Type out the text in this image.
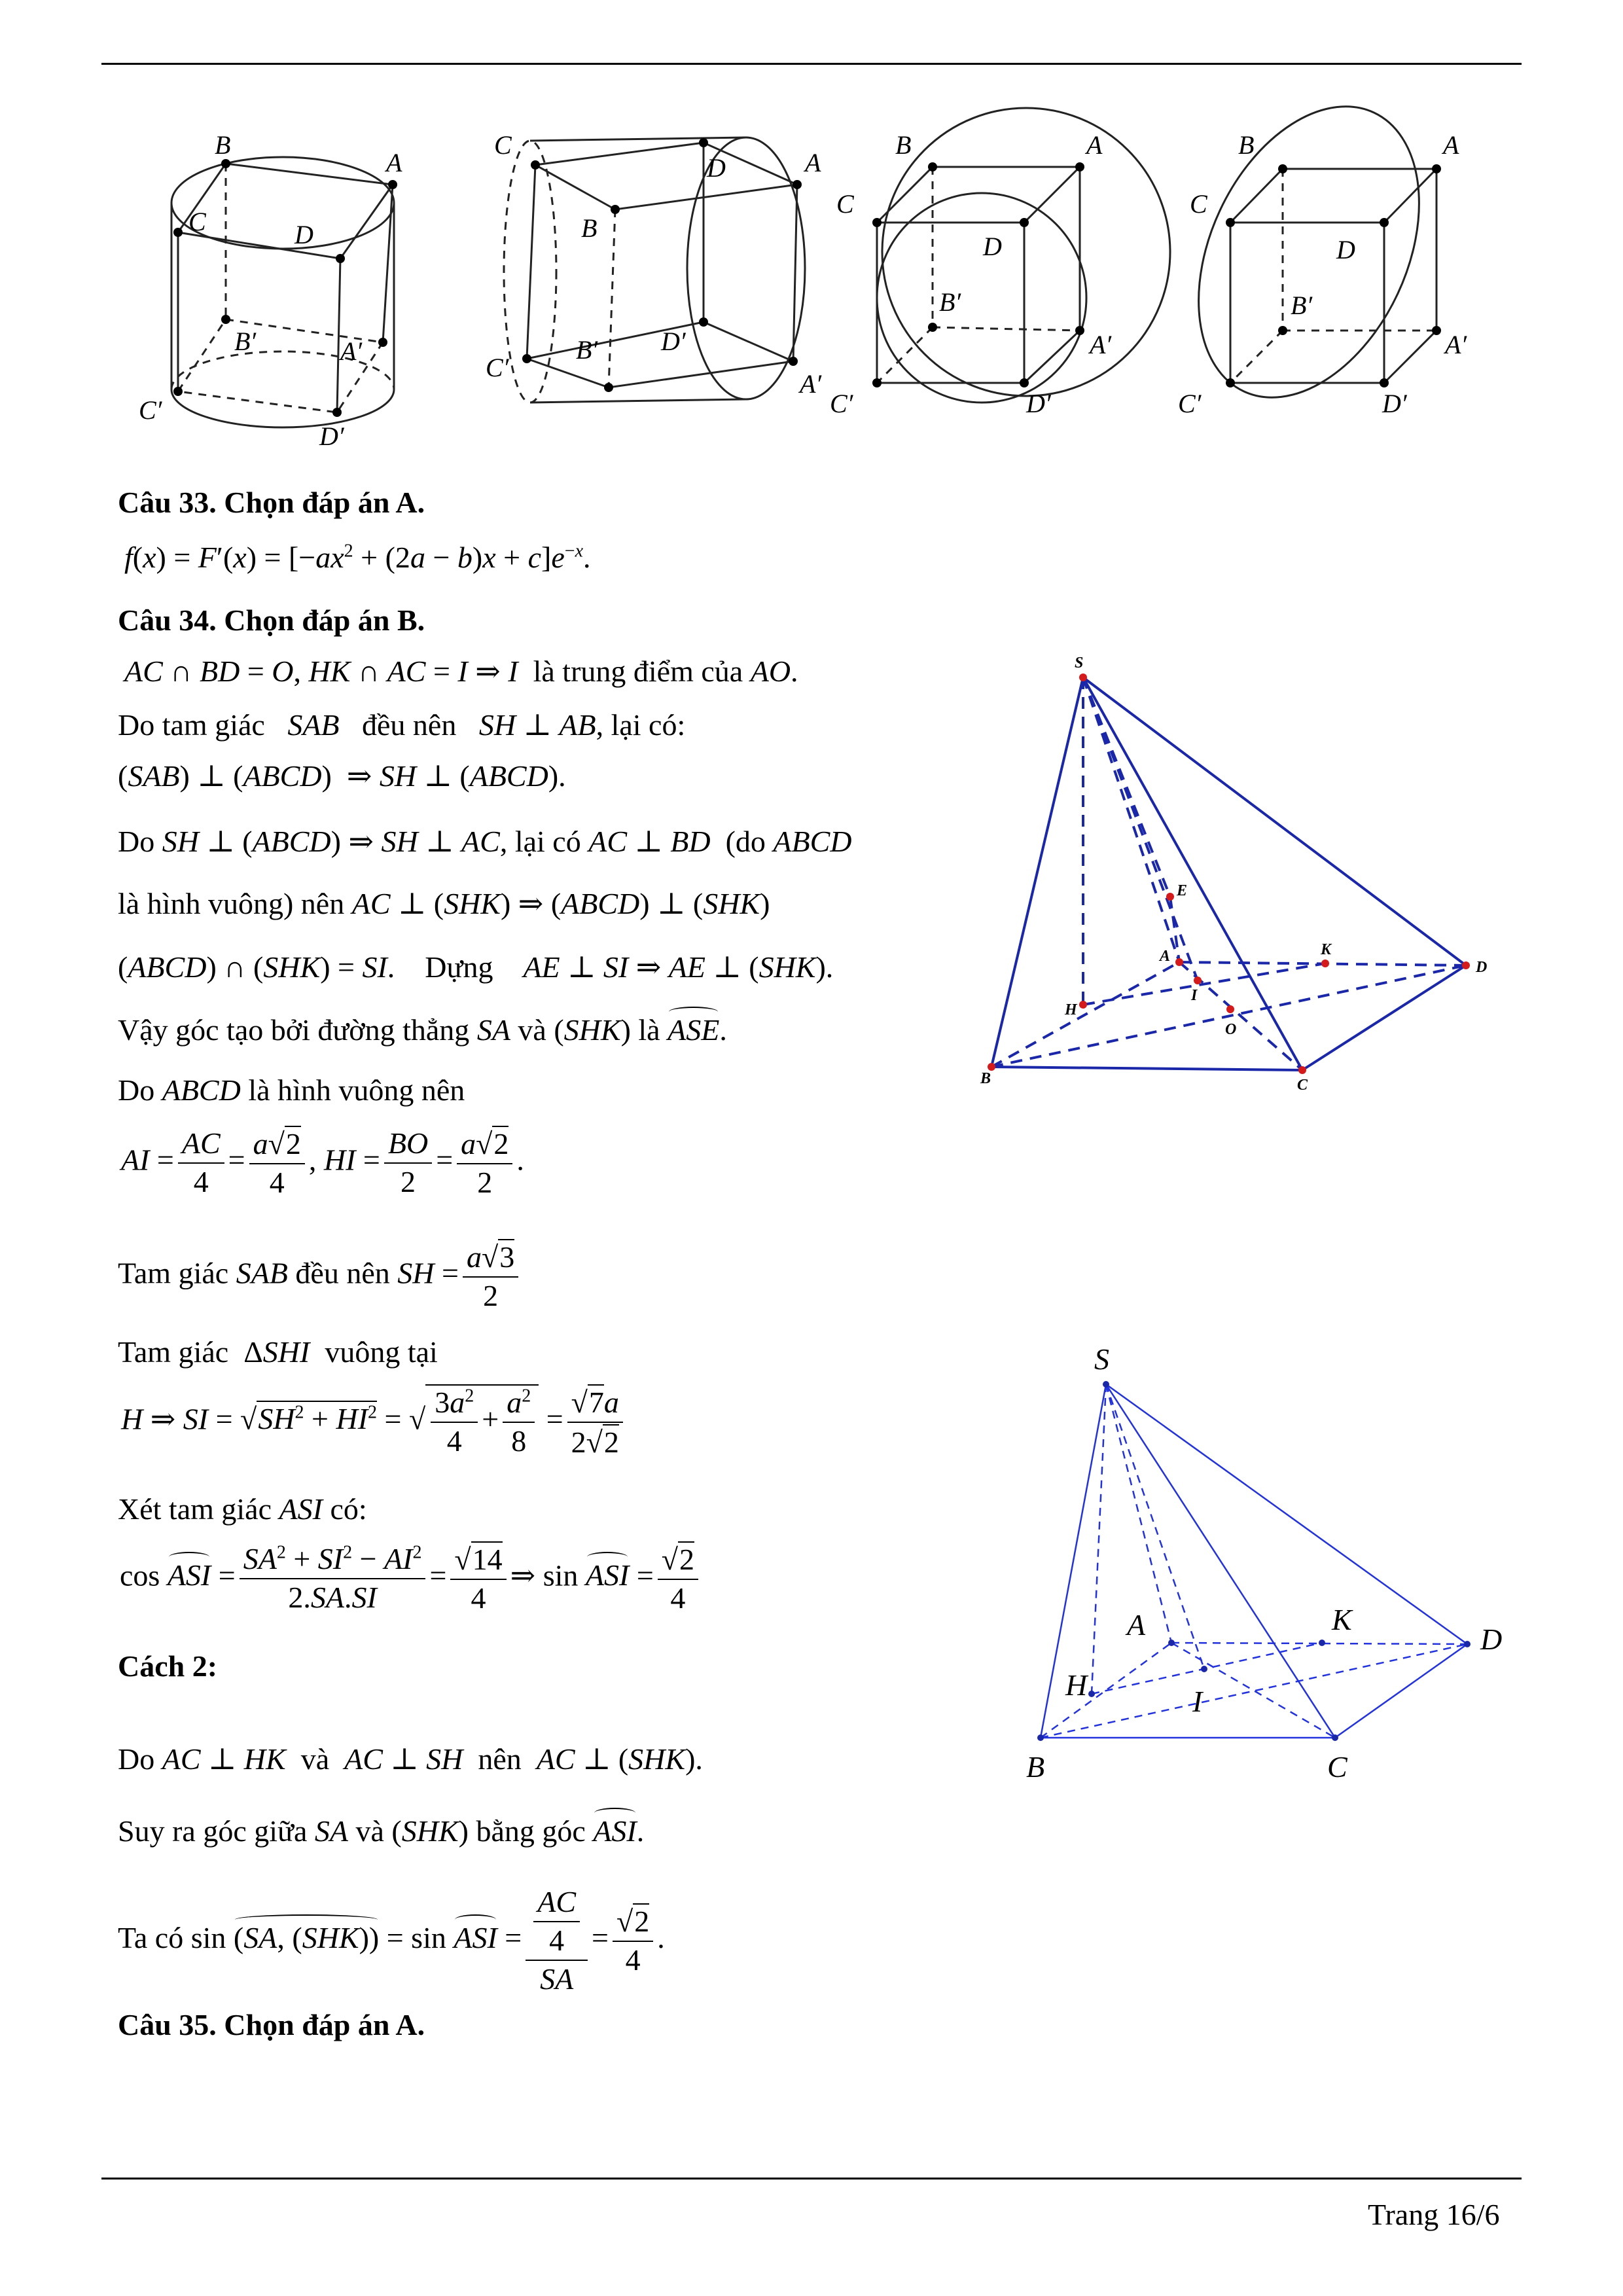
B
A
C	D
B′	A′
C′
D′
C
D	A
B
B′ D′
C′
A′
B	A
C
D
B′
A′
C′	D′
B	A
C
D
B′
A′
C′	D′
Câu 33. Chọn đáp án A.
$f(x) = F'(x) = [-ax^2 + (2a - b)x + c]e^{-x}$.
Câu 34. Chọn đáp án B.
AC ∩ BD = O, HK ∩ AC = I ⇒ I là trung điểm của AO.
Do tam giác SAB đều nên SH ⊥ AB, lại có:
(SAB) ⊥ (ABCD)  ⇒ SH ⊥ (ABCD).
Do SH ⊥ (ABCD) ⇒ SH ⊥ AC, lại có AC ⊥ BD (do ABCD
là hình vuông) nên AC ⊥ (SHK) ⇒ (ABCD) ⊥ (SHK)
(ABCD) ∩ (SHK) = SI.    Dựng AE ⊥ SI ⇒ AE ⊥ (SHK).
Vậy góc tạo bởi đường thẳng SA và (SHK) là ASE.
Do ABCD là hình vuông nên
AI = $\frac{AC}{4} = \frac{a√2}{4}$ , HI = $\frac{BO}{2} = \frac{a√2}{2}$ .
Tam giác SAB đều nên SH = $\frac{a√3}{2}$
Tam giác  ΔSHI vuông tại
H ⇒ SI = $√SH^2 + HI^2$ = √ $\frac{3a^2}{4} + \frac{a^2}{8} = \frac{√7a}{2√2}$
Xét tam giác ASI có:
cos ASI = $\frac{SA^2 + SI^2 - AI^2}{2.SA.SI} = \frac{√14}{4}$ ⇒ sin ASI = $\frac{√2}{4}$
Cách 2:
Do AC ⊥ HK và AC ⊥ SH nên AC ⊥ (SHK).
Suy ra góc giữa SA và (SHK) bằng góc ASI.
Ta có sin (SA, (SHK)) = sin ASI = $\frac{\frac{AC}{4}}{SA} = \frac{√2}{4}$ .
Câu 35. Chọn đáp án A.
S
E
A	K
D
H
I
O
B	C
S
A	K
D
H	I
B	C
Trang 16/6
